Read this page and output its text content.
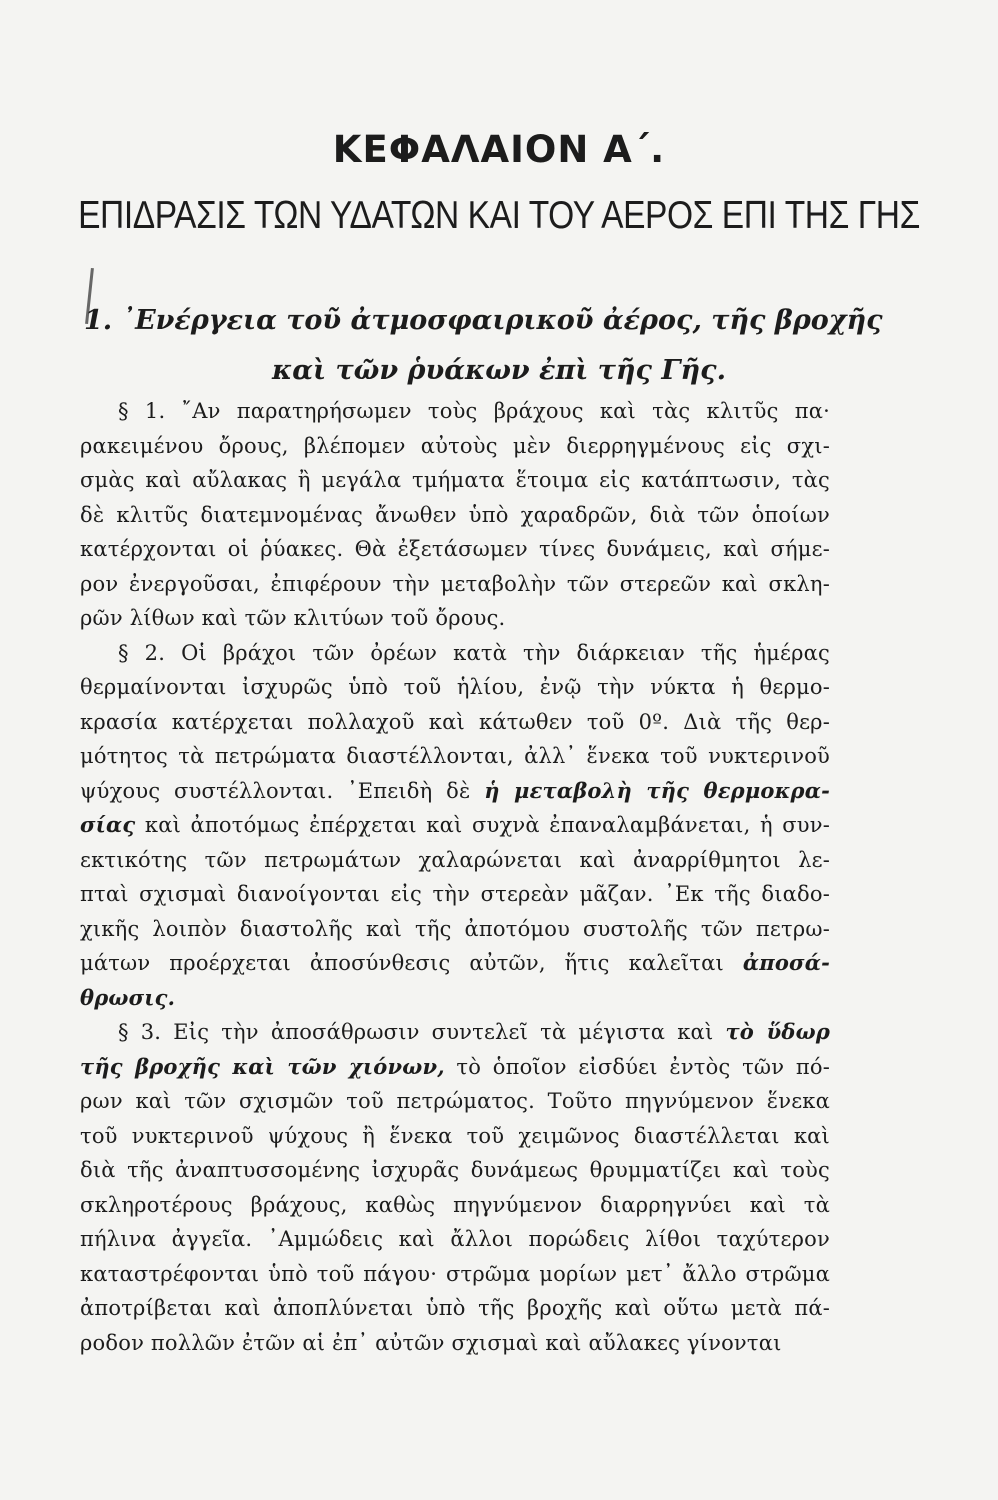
ΚΕΦΑΛΑΙΟΝ Α΄.
ΕΠΙΔΡΑΣΙΣ ΤΩΝ ΥΔΑΤΩΝ ΚΑΙ ΤΟΥ ΑΕΡΟΣ ΕΠΙ ΤΗΣ ΓΗΣ
1. ᾿Ενέργεια τοῦ ἀτμοσφαιρικοῦ ἀέρος, τῆς βροχῆς
καὶ τῶν ῥυάκων ἐπὶ τῆς Γῆς.
§ 1. ῎Αν παρατηρήσωμεν τοὺς βράχους καὶ τὰς κλιτῦς πα·
ρακειμένου ὄρους, βλέπομεν αὐτοὺς μὲν διερρηγμένους εἰς σχι-
σμὰς καὶ αὔλακας ἢ μεγάλα τμήματα ἕτοιμα εἰς κατάπτωσιν, τὰς
δὲ κλιτῦς διατεμνομένας ἄνωθεν ὑπὸ χαραδρῶν, διὰ τῶν ὁποίων
κατέρχονται οἱ ῥύακες. Θὰ ἐξετάσωμεν τίνες δυνάμεις, καὶ σήμε-
ρον ἐνεργοῦσαι, ἐπιφέρουν τὴν μεταβολὴν τῶν στερεῶν καὶ σκλη-
ρῶν λίθων καὶ τῶν κλιτύων τοῦ ὄρους.
§ 2. Οἱ βράχοι τῶν ὀρέων κατὰ τὴν διάρκειαν τῆς ἡμέρας
θερμαίνονται ἰσχυρῶς ὑπὸ τοῦ ἡλίου, ἐνῷ τὴν νύκτα ἡ θερμο-
κρασία κατέρχεται πολλαχοῦ καὶ κάτωθεν τοῦ 0º. Διὰ τῆς θερ-
μότητος τὰ πετρώματα διαστέλλονται, ἀλλ᾿ ἕνεκα τοῦ νυκτερινοῦ
ψύχους συστέλλονται. ᾿Επειδὴ δὲ ἡ μεταβολὴ τῆς θερμοκρα-
σίας καὶ ἀποτόμως ἐπέρχεται καὶ συχνὰ ἐπαναλαμβάνεται, ἡ συν-
εκτικότης τῶν πετρωμάτων χαλαρώνεται καὶ ἀναρρίθμητοι λε-
πταὶ σχισμαὶ διανοίγονται εἰς τὴν στερεὰν μᾶζαν. ᾿Εκ τῆς διαδο-
χικῆς λοιπὸν διαστολῆς καὶ τῆς ἀποτόμου συστολῆς τῶν πετρω-
μάτων προέρχεται ἀποσύνθεσις αὐτῶν, ἥτις καλεῖται ἀποσά-
θρωσις.
§ 3. Εἰς τὴν ἀποσάθρωσιν συντελεῖ τὰ μέγιστα καὶ τὸ ὕδωρ
τῆς βροχῆς καὶ τῶν χιόνων, τὸ ὁποῖον εἰσδύει ἐντὸς τῶν πό-
ρων καὶ τῶν σχισμῶν τοῦ πετρώματος. Τοῦτο πηγνύμενον ἕνεκα
τοῦ νυκτερινοῦ ψύχους ἢ ἕνεκα τοῦ χειμῶνος διαστέλλεται καὶ
διὰ τῆς ἀναπτυσσομένης ἰσχυρᾶς δυνάμεως θρυμματίζει καὶ τοὺς
σκληροτέρους βράχους, καθὼς πηγνύμενον διαρρηγνύει καὶ τὰ
πήλινα ἀγγεῖα. ᾿Αμμώδεις καὶ ἄλλοι πορώδεις λίθοι ταχύτερον
καταστρέφονται ὑπὸ τοῦ πάγου· στρῶμα μορίων μετ᾿ ἄλλο στρῶμα
ἀποτρίβεται καὶ ἀποπλύνεται ὑπὸ τῆς βροχῆς καὶ οὕτω μετὰ πά-
ροδον πολλῶν ἐτῶν αἱ ἐπ᾿ αὐτῶν σχισμαὶ καὶ αὔλακες γίνονται
